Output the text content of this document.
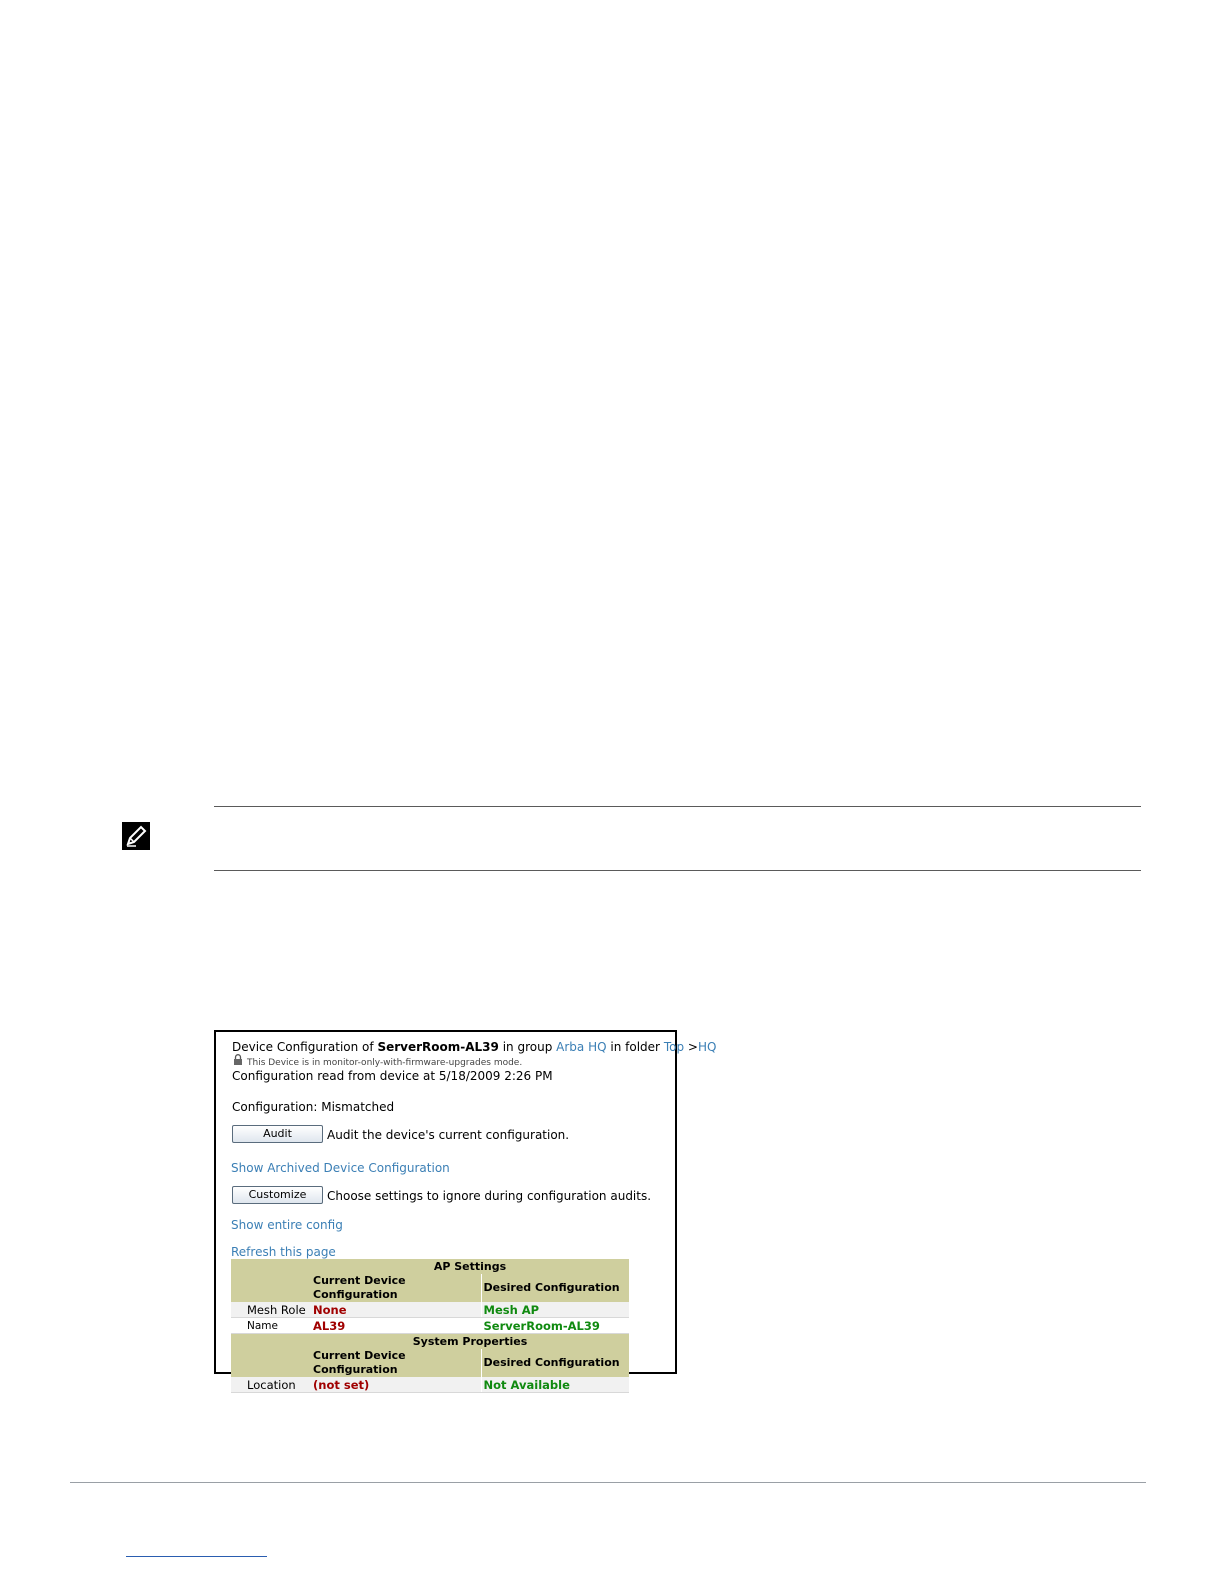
Device Configuration of ServerRoom-AL39 in group Arba HQ in folder Top >HQ
This Device is in monitor-only-with-firmware-upgrades mode.
Configuration read from device at 5/18/2009 2:26 PM
Configuration: Mismatched
Audit	Audit the device's current configuration.
Show Archived Device Configuration
Customize	Choose settings to ignore during configuration audits.
Show entire config
Refresh this page
	AP Settings	
	Current Device Configuration	Desired Configuration
Mesh Role	None	Mesh AP
Name	AL39	ServerRoom-AL39
	System Properties	
	Current Device Configuration	Desired Configuration
Location	(not set)	Not Available
